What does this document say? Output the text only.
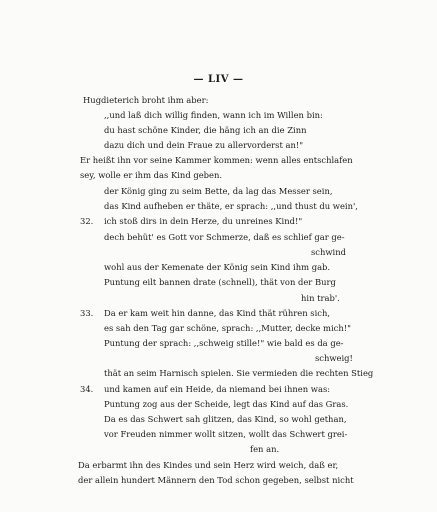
— LIV —
Hugdieterich broht ihm aber:
,,und laß dich willig finden, wann ich im Willen bin:
du hast schöne Kinder, die häng ich an die Zinn
dazu dich und dein Fraue zu allervorderst an!"
Er heißt ihn vor seine Kammer kommen: wenn alles entschlafen
sey, wolle er ihm das Kind geben.
der König ging zu seim Bette, da lag das Messer sein,
das Kind aufheben er thäte, er sprach: ,,und thust du wein',
32. ich stoß dirs in dein Herze, du unreines Kind!"
dech behüt' es Gott vor Schmerze, daß es schlief gar ge-
schwind
wohl aus der Kemenate der König sein Kind ihm gab.
Puntung eilt bannen drate (schnell), thät von der Burg
hin trab'.
33. Da er kam weit hin danne, das Kind thät rühren sich,
es sah den Tag gar schöne, sprach: ,,Mutter, decke mich!"
Puntung der sprach: ,,schweig stille!" wie bald es da ge-
schweig!
thät an seim Harnisch spielen. Sie vermieden die rechten Stieg
34. und kamen auf ein Heide, da niemand bei ihnen was:
Puntung zog aus der Scheide, legt das Kind auf das Gras.
Da es das Schwert sah glitzen, das Kind, so wohl gethan,
vor Freuden nimmer wollt sitzen, wollt das Schwert grei-
fen an.
Da erbarmt ihn des Kindes und sein Herz wird weich, daß er,
der allein hundert Männern den Tod schon gegeben, selbst nicht
